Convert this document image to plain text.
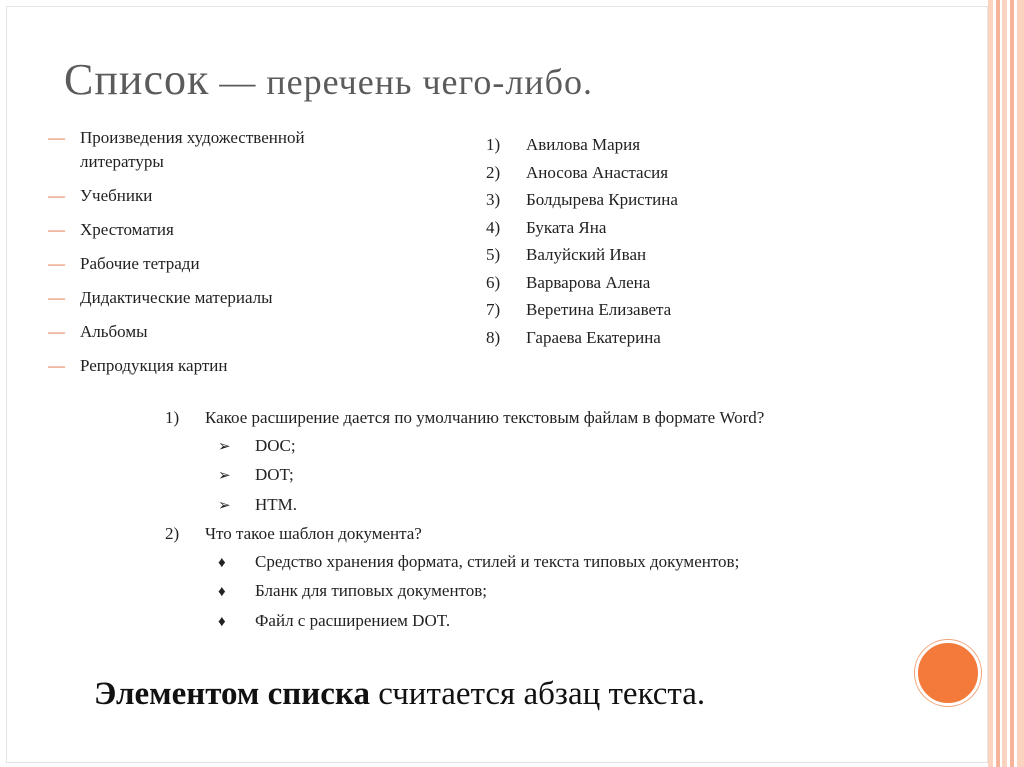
Список — перечень чего-либо.
— Произведения художественной литературы
— Учебники
— Хрестоматия
— Рабочие тетради
— Дидактические материалы
— Альбомы
— Репродукция картин
1) Авилова Мария
2) Аносова Анастасия
3) Болдырева Кристина
4) Буката Яна
5) Валуйский Иван
6) Варварова Алена
7) Веретина Елизавета
8) Гараева Екатерина
1) Какое расширение дается по умолчанию текстовым файлам в формате Word?
➢ DOC;
➢ DOT;
➢ HTM.
2) Что такое шаблон документа?
♦ Средство хранения формата, стилей и текста типовых документов;
♦ Бланк для типовых документов;
♦ Файл с расширением DOT.

Элементом списка считается абзац текста.
